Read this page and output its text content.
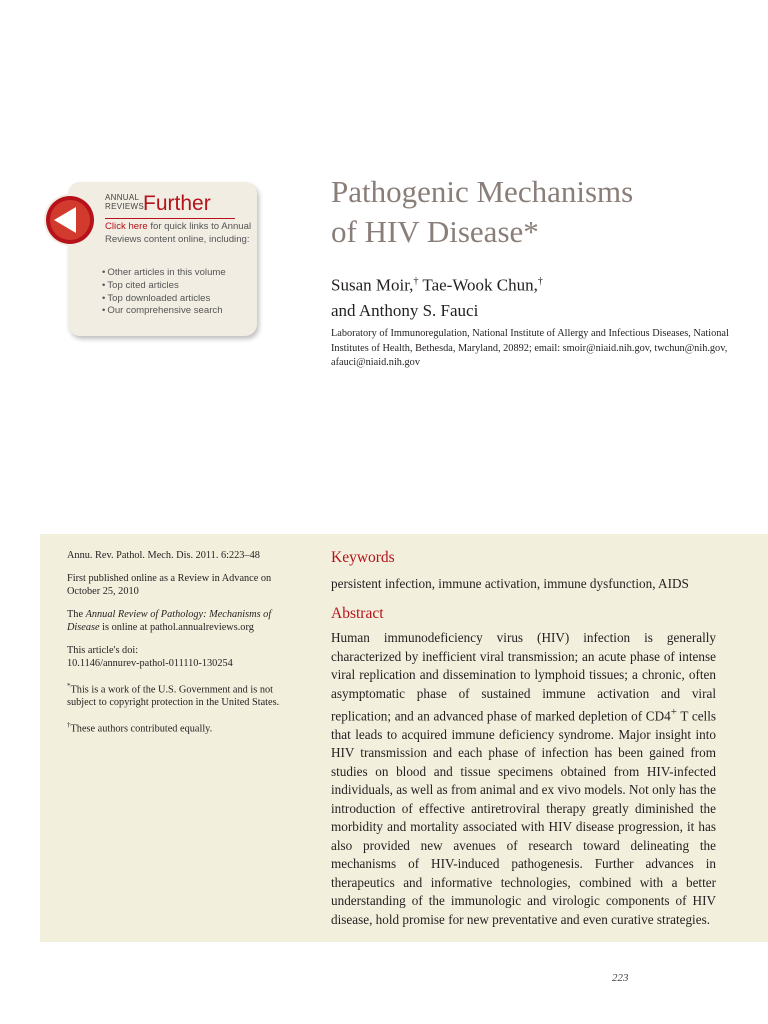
ANNUAL
REVIEWS Further
Click here for quick links to Annual Reviews content online, including:
• Other articles in this volume
• Top cited articles
• Top downloaded articles
• Our comprehensive search
Pathogenic Mechanisms
of HIV Disease*
Susan Moir,† Tae-Wook Chun,†
and Anthony S. Fauci
Laboratory of Immunoregulation, National Institute of Allergy and Infectious Diseases, National Institutes of Health, Bethesda, Maryland, 20892; email: smoir@niaid.nih.gov, twchun@nih.gov, afauci@niaid.nih.gov

Annu. Rev. Pathol. Mech. Dis. 2011. 6:223–48

First published online as a Review in Advance on October 25, 2010

The Annual Review of Pathology: Mechanisms of Disease is online at pathol.annualreviews.org

This article's doi:
10.1146/annurev-pathol-011110-130254

*This is a work of the U.S. Government and is not subject to copyright protection in the United States.

†These authors contributed equally.

Keywords
persistent infection, immune activation, immune dysfunction, AIDS
Abstract
Human immunodeficiency virus (HIV) infection is generally characterized by inefficient viral transmission; an acute phase of intense viral replication and dissemination to lymphoid tissues; a chronic, often asymptomatic phase of sustained immune activation and viral replication; and an advanced phase of marked depletion of CD4+ T cells that leads to acquired immune deficiency syndrome. Major insight into HIV transmission and each phase of infection has been gained from studies on blood and tissue specimens obtained from HIV-infected individuals, as well as from animal and ex vivo models. Not only has the introduction of effective antiretroviral therapy greatly diminished the morbidity and mortality associated with HIV disease progression, it has also provided new avenues of research toward delineating the mechanisms of HIV-induced pathogenesis. Further advances in therapeutics and informative technologies, combined with a better understanding of the immunologic and virologic components of HIV disease, hold promise for new preventative and even curative strategies.
223
